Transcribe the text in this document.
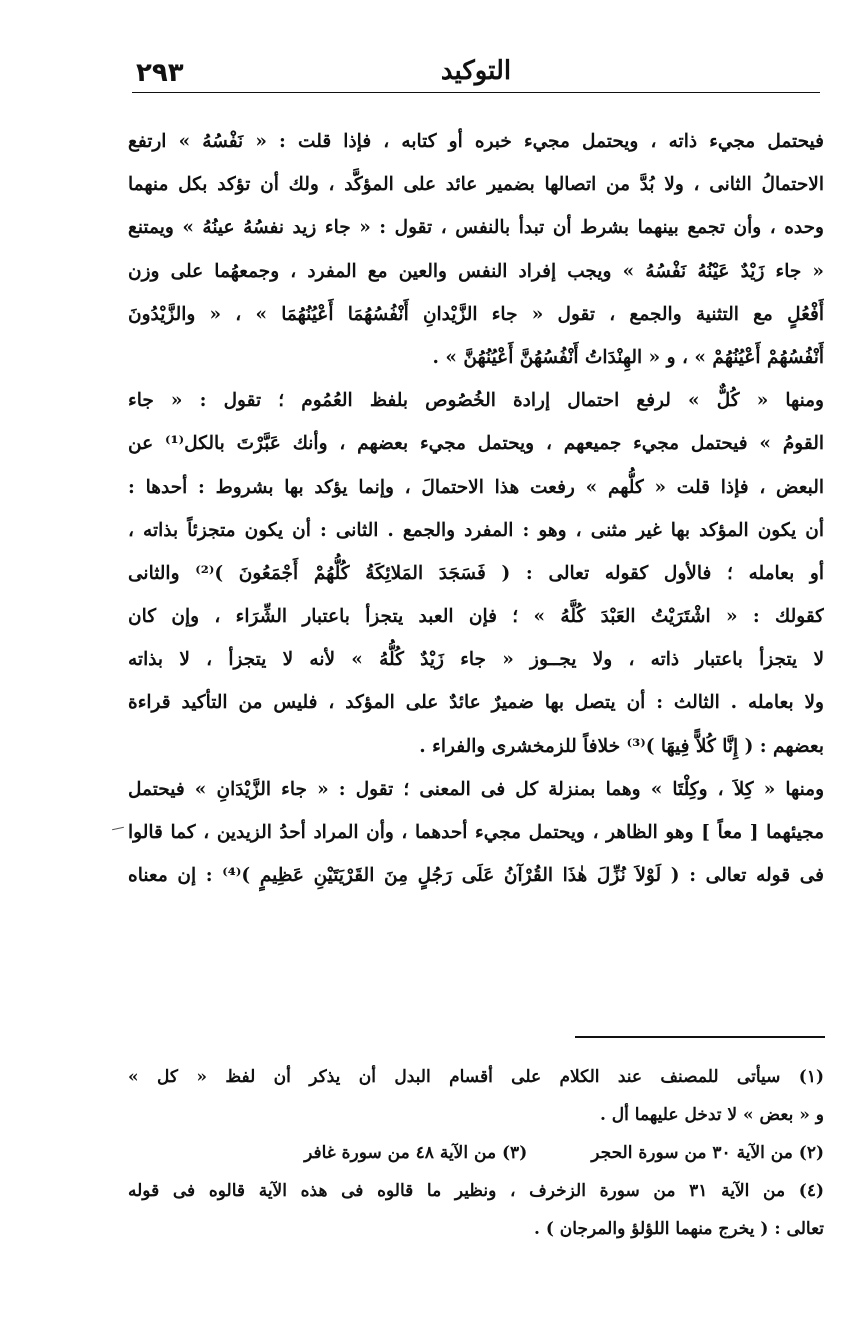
التوكيد
٢٩٣
فيحتمل مجيء ذاته ، ويحتمل مجيء خبره أو كتابه ، فإذا قلت : « نَفْسُهُ » ارتفع
الاحتمالُ الثانى ، ولا بُدَّ من اتصالها بضمير عائد على المؤكَّد ، ولك أن تؤكد بكل منهما
وحده ، وأن تجمع بينهما بشرط أن تبدأ بالنفس ، تقول : « جاء زيد نفسُهُ عينُهُ » ويمتنع
« جاء زَيْدٌ عَيْنُهُ نَفْسُهُ » ويجب إفراد النفس والعين مع المفرد ، وجمعهُما على وزن
أَفْعُلٍ مع التثنية والجمع ، تقول « جاء الزَّيْدانِ أَنْفُسُهُمَا أَعْيُنُهُمَا » ، « والزَّيْدُونَ
أَنْفُسُهُمْ أَعْيُنُهُمْ » ، و « الهِنْدَاتُ أَنْفُسُهُنَّ أَعْيُنُهُنَّ » .
ومنها « كُلٌّ » لرفع احتمال إرادة الخُصُوص بلفظ العُمُوم ؛ تقول : « جاء
القومُ » فيحتمل مجيء جميعهم ، ويحتمل مجيء بعضهم ، وأنك عَبَّرْتَ بالكل⁽¹⁾ عن
البعض ، فإذا قلت « كلُّهم » رفعت هذا الاحتمالَ ، وإنما يؤكد بها بشروط : أحدها :
أن يكون المؤكد بها غير مثنى ، وهو : المفرد والجمع . الثانى : أن يكون متجزئاً بذاته ،
أو بعامله ؛ فالأول كقوله تعالى : ( فَسَجَدَ المَلائِكَةُ كُلُّهُمْ أَجْمَعُونَ )⁽²⁾ والثانى
كقولك : « اشْتَرَيْتُ العَبْدَ كُلَّهُ » ؛ فإن العبد يتجزأ باعتبار الشِّرَاء ، وإن كان
لا يتجزأ باعتبار ذاته ، ولا يجــوز « جاء زَيْدٌ كُلُّهُ » لأنه لا يتجزأ ، لا بذاته
ولا بعامله . الثالث : أن يتصل بها ضميرٌ عائدٌ على المؤكد ، فليس من التأكيد قراءة
بعضهم : ( إِنَّا كُلاًّ فِيهَا )⁽³⁾ خلافاً للزمخشرى والفراء .
ومنها « كِلاَ ، وكِلْتَا » وهما بمنزلة كل فى المعنى ؛ تقول : « جاء الزَّيْدَانِ » فيحتمل
مجيئهما [ معاً ] وهو الظاهر ، ويحتمل مجيء أحدهما ، وأن المراد أحدُ الزيدين ، كما قالوا
فى قوله تعالى : ( لَوْلاَ نُزِّلَ هٰذَا القُرْآنُ عَلَى رَجُلٍ مِنَ القَرْيَتَيْنِ عَظِيمٍ )⁽⁴⁾ : إن معناه
(١) سيأتى للمصنف عند الكلام على أقسام البدل أن يذكر أن لفظ « كل »
و « بعض » لا تدخل عليهما أل .
(٢) من الآية ٣٠ من سورة الحجر
(٣) من الآية ٤٨ من سورة غافر
(٤) من الآية ٣١ من سورة الزخرف ، ونظير ما قالوه فى هذه الآية قالوه فى قوله
تعالى : ( يخرج منهما اللؤلؤ والمرجان ) .
